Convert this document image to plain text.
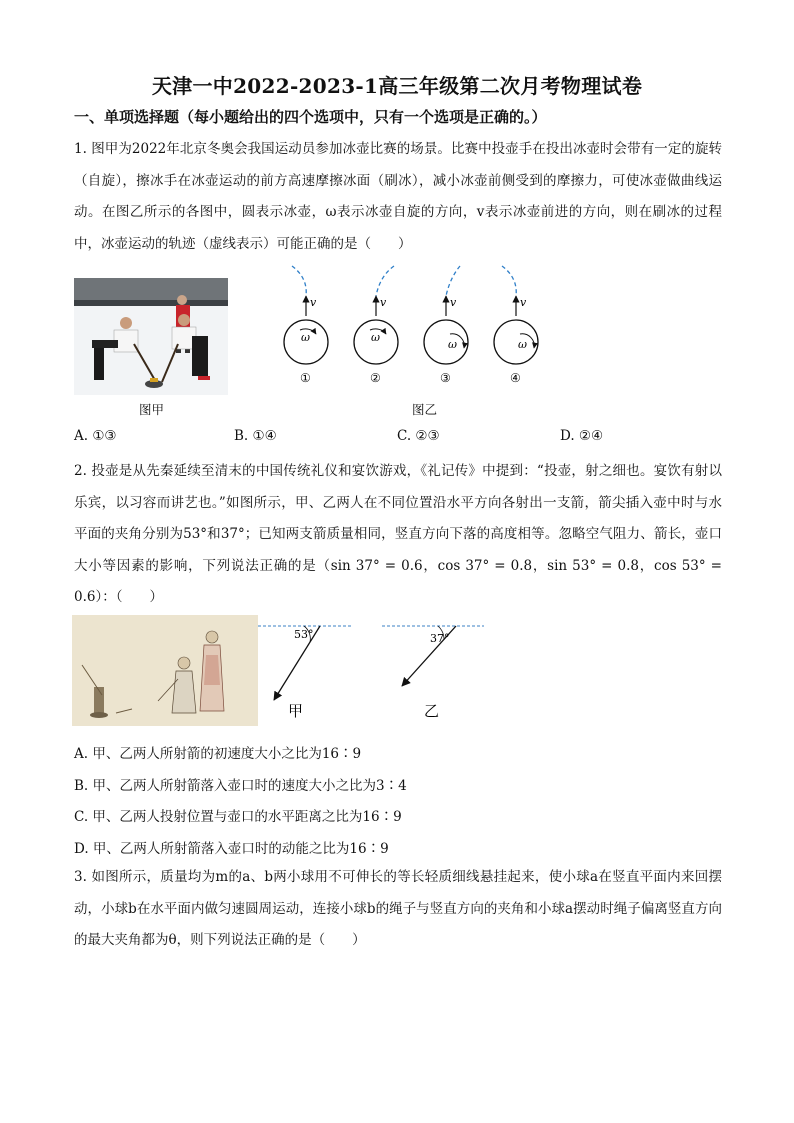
天津一中2022-2023-1高三年级第二次月考物理试卷
一、单项选择题（每小题给出的四个选项中，只有一个选项是正确的。）

1. 图甲为2022年北京冬奥会我国运动员参加冰壶比赛的场景。比赛中投壶手在投出冰壶时会带有一定的旋转（自旋），擦冰手在冰壶运动的前方高速摩擦冰面（刷冰），减小冰壶前侧受到的摩擦力，可使冰壶做曲线运动。在图乙所示的各图中，圆表示冰壶，ω表示冰壶自旋的方向，v表示冰壶前进的方向，则在刷冰的过程中，冰壶运动的轨迹（虚线表示）可能正确的是（　　）

图甲
v	v	v	v
ω	ω
ω	ω
①	②	③	④
图乙
A. ①③	B. ①④	C. ②③	D. ②④

2. 投壶是从先秦延续至清末的中国传统礼仪和宴饮游戏，《礼记传》中提到：“投壶，射之细也。宴饮有射以乐宾，以习容而讲艺也。”如图所示，甲、乙两人在不同位置沿水平方向各射出一支箭，箭尖插入壶中时与水平面的夹角分别为53°和37°；已知两支箭质量相同，竖直方向下落的高度相等。忽略空气阻力、箭长，壶口大小等因素的影响，下列说法正确的是（sin 37° = 0.6，cos 37° = 0.8，sin 53° = 0.8，cos 53° = 0.6）：（　　）

53°	37°
甲	乙
A. 甲、乙两人所射箭的初速度大小之比为16∶9
B. 甲、乙两人所射箭落入壶口时的速度大小之比为3∶4
C. 甲、乙两人投射位置与壶口的水平距离之比为16∶9
D. 甲、乙两人所射箭落入壶口时的动能之比为16∶9

3. 如图所示，质量均为m的a、b两小球用不可伸长的等长轻质细线悬挂起来，使小球a在竖直平面内来回摆动，小球b在水平面内做匀速圆周运动，连接小球b的绳子与竖直方向的夹角和小球a摆动时绳子偏离竖直方向的最大夹角都为θ，则下列说法正确的是（　　）
